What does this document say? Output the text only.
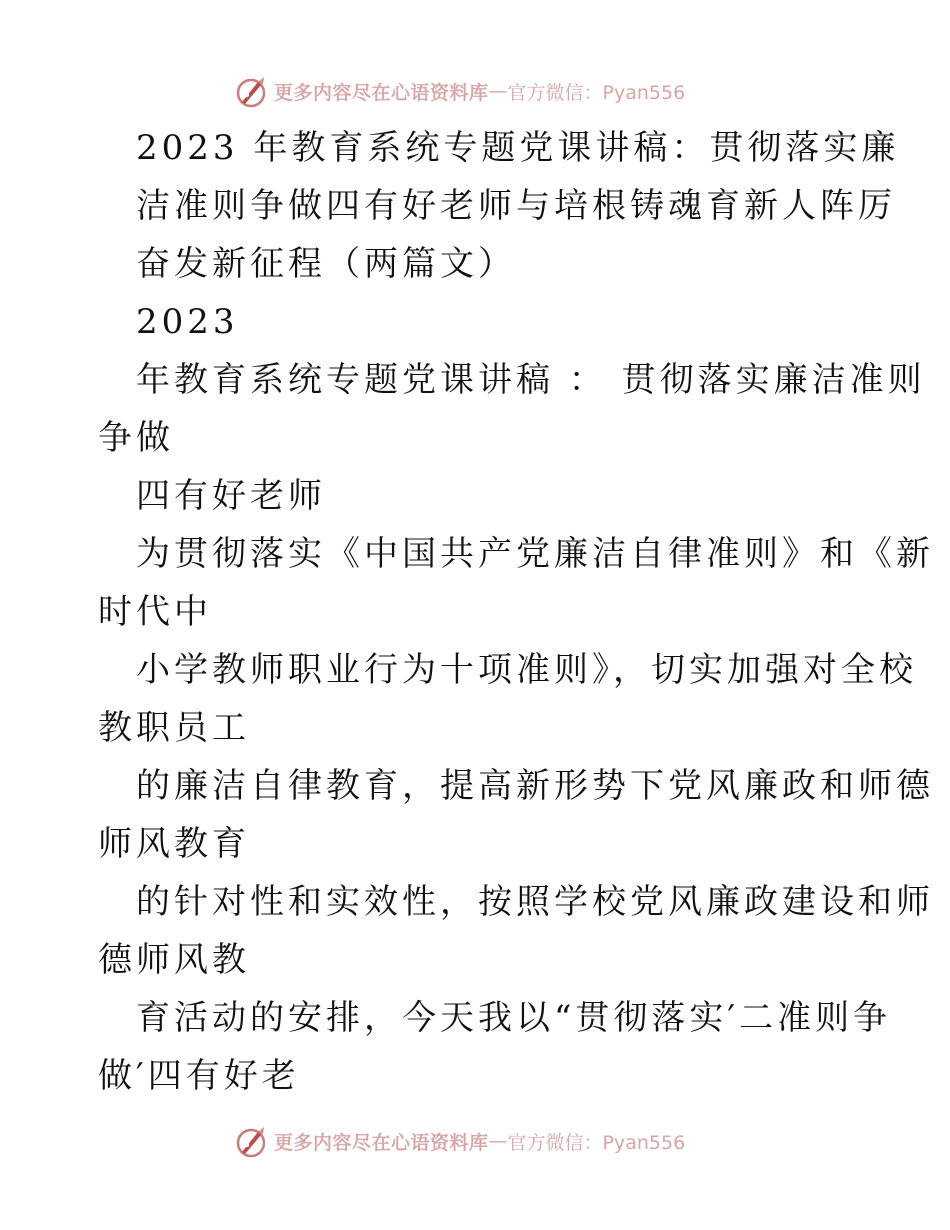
更多内容尽在心语资料库 — 官方微信：Pyan556
2023 年教育系统专题党课讲稿：贯彻落实廉
洁准则争做四有好老师与培根铸魂育新人阵厉
奋发新征程（两篇文）
2023
年教育系统专题党课讲稿 ： 贯彻落实廉洁准则
争做
四有好老师
为贯彻落实《中国共产党廉洁自律准则》和《新
时代中
小学教师职业行为十项准则》，切实加强对全校
教职员工
的廉洁自律教育，提高新形势下党风廉政和师德
师风教育
的针对性和实效性，按照学校党风廉政建设和师
德师风教
育活动的安排，今天我以“贯彻落实′二准则争
做′四有好老
更多内容尽在心语资料库 — 官方微信：Pyan556
